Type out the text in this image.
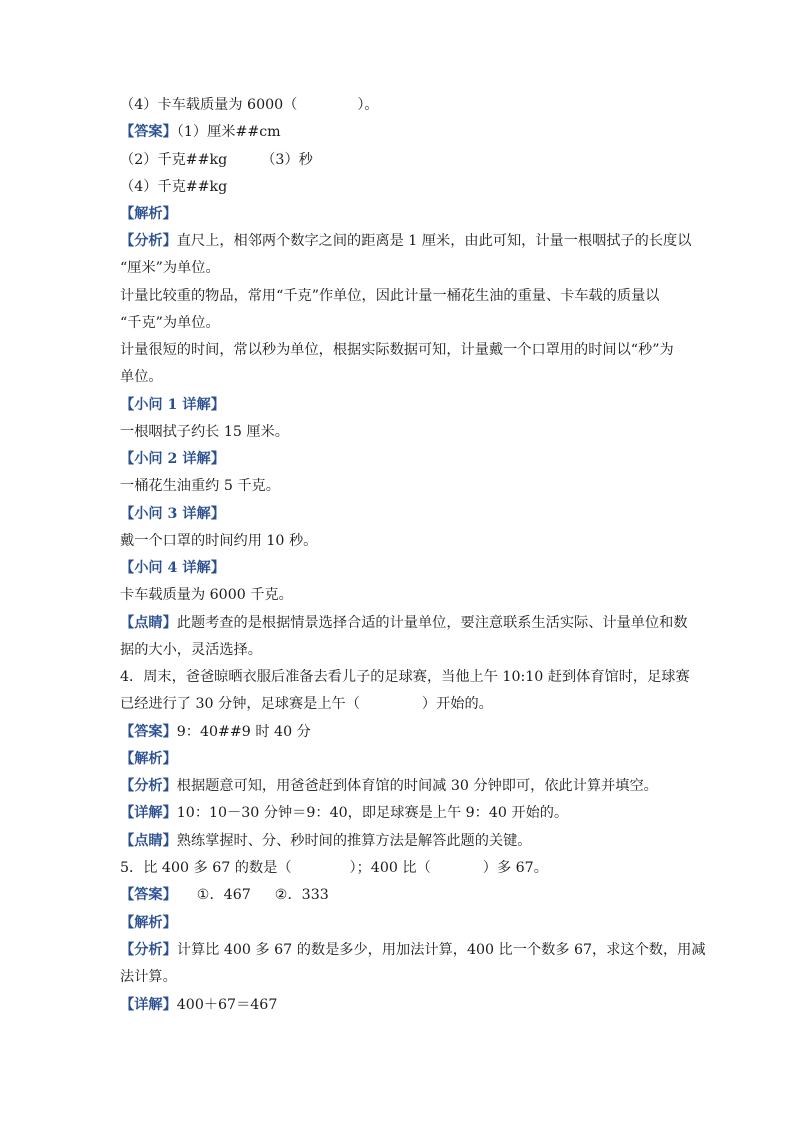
（4）卡车载质量为 6000（	）。
【答案】（1）厘米##cm
（2）千克##kg （3）秒
（4）千克##kg
【解析】
【分析】直尺上，相邻两个数字之间的距离是 1 厘米，由此可知，计量一根咽拭子的长度以
“厘米”为单位。
计量比较重的物品，常用“千克”作单位，因此计量一桶花生油的重量、卡车载的质量以
“千克”为单位。
计量很短的时间，常以秒为单位，根据实际数据可知，计量戴一个口罩用的时间以“秒”为
单位。
【小问 1 详解】
一根咽拭子约长 15 厘米。
【小问 2 详解】
一桶花生油重约 5 千克。
【小问 3 详解】
戴一个口罩的时间约用 10 秒。
【小问 4 详解】
卡车载质量为 6000 千克。
【点睛】此题考查的是根据情景选择合适的计量单位，要注意联系生活实际、计量单位和数
据的大小，灵活选择。
4．周末，爸爸晾晒衣服后准备去看儿子的足球赛，当他上午 10:10 赶到体育馆时，足球赛
已经进行了 30 分钟，足球赛是上午（	）开始的。
【答案】9：40##9 时 40 分
【解析】
【分析】根据题意可知，用爸爸赶到体育馆的时间减 30 分钟即可，依此计算并填空。
【详解】10：10－30 分钟＝9：40，即足球赛是上午 9：40 开始的。
【点睛】熟练掌握时、分、秒时间的推算方法是解答此题的关键。
5．比 400 多 67 的数是（	）；400 比（	）多 67。
【答案】 ①．467 ②．333
【解析】
【分析】计算比 400 多 67 的数是多少，用加法计算，400 比一个数多 67，求这个数，用减
法计算。
【详解】400＋67＝467
